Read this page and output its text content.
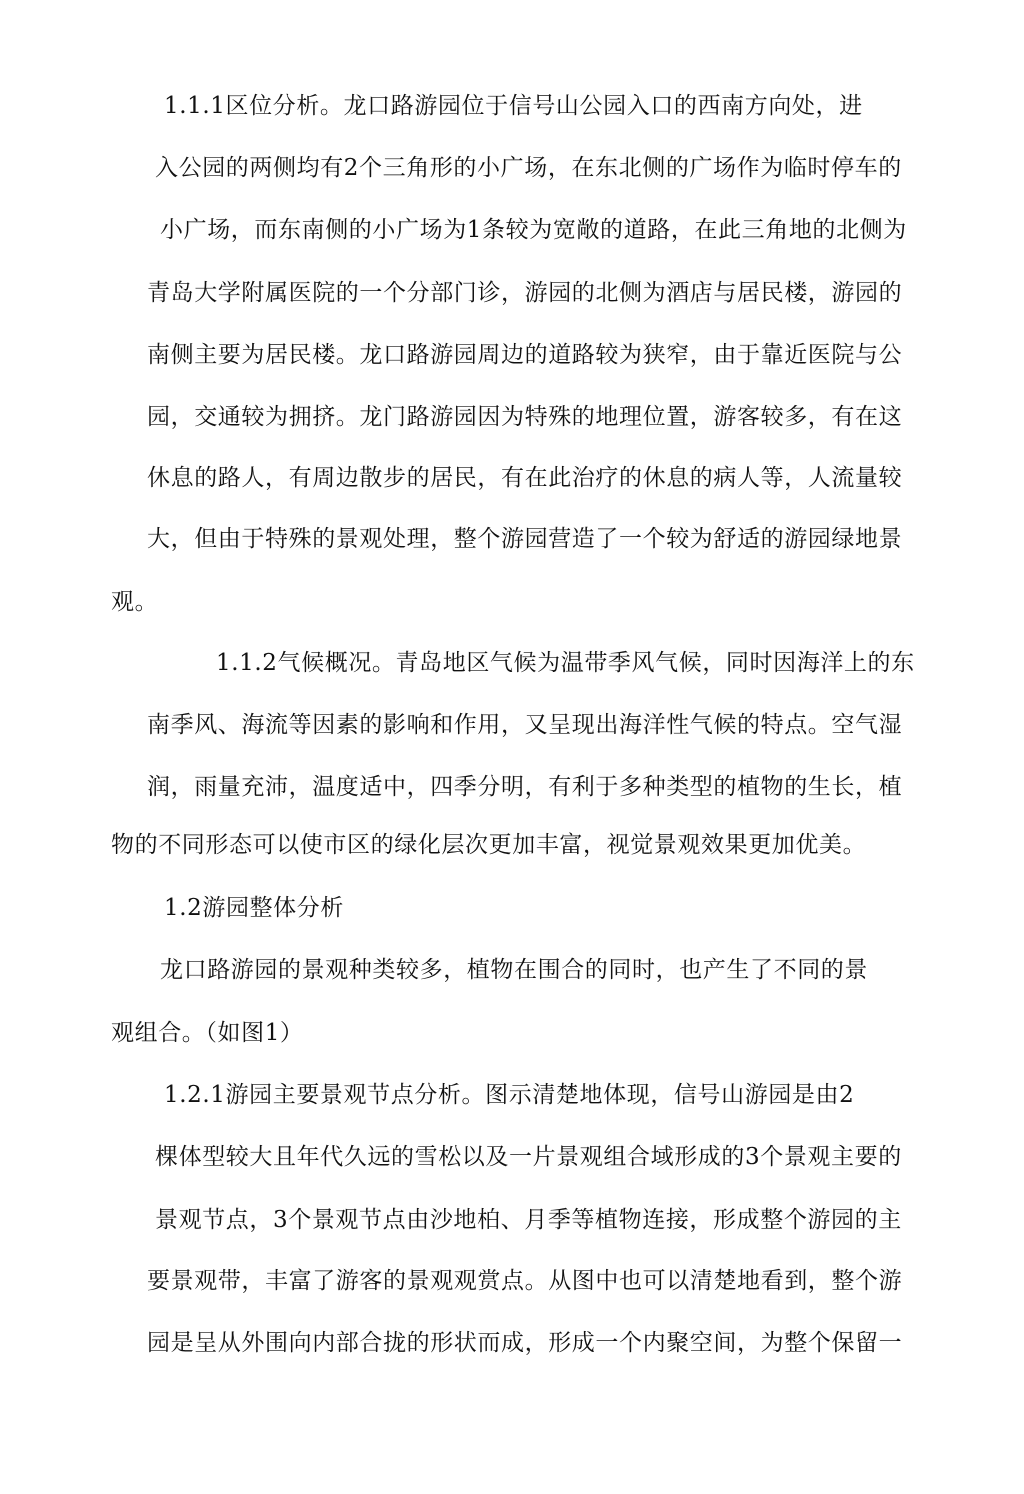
1.1.1区位分析。龙口路游园位于信号山公园入口的西南方向处，进

入公园的两侧均有2个三角形的小广场，在东北侧的广场作为临时停车的

小广场，而东南侧的小广场为1条较为宽敞的道路，在此三角地的北侧为

青岛大学附属医院的一个分部门诊，游园的北侧为酒店与居民楼，游园的

南侧主要为居民楼。龙口路游园周边的道路较为狭窄，由于靠近医院与公

园，交通较为拥挤。龙门路游园因为特殊的地理位置，游客较多，有在这

休息的路人，有周边散步的居民，有在此治疗的休息的病人等，人流量较

大，但由于特殊的景观处理，整个游园营造了一个较为舒适的游园绿地景

观。

1.1.2气候概况。青岛地区气候为温带季风气候，同时因海洋上的东

南季风、海流等因素的影响和作用，又呈现出海洋性气候的特点。空气湿

润，雨量充沛，温度适中，四季分明，有利于多种类型的植物的生长，植

物的不同形态可以使市区的绿化层次更加丰富，视觉景观效果更加优美。

1.2游园整体分析

龙口路游园的景观种类较多，植物在围合的同时，也产生了不同的景

观组合。（如图1）

1.2.1游园主要景观节点分析。图示清楚地体现，信号山游园是由2

棵体型较大且年代久远的雪松以及一片景观组合域形成的3个景观主要的

景观节点，3个景观节点由沙地柏、月季等植物连接，形成整个游园的主

要景观带，丰富了游客的景观观赏点。从图中也可以清楚地看到，整个游

园是呈从外围向内部合拢的形状而成，形成一个内聚空间，为整个保留一
